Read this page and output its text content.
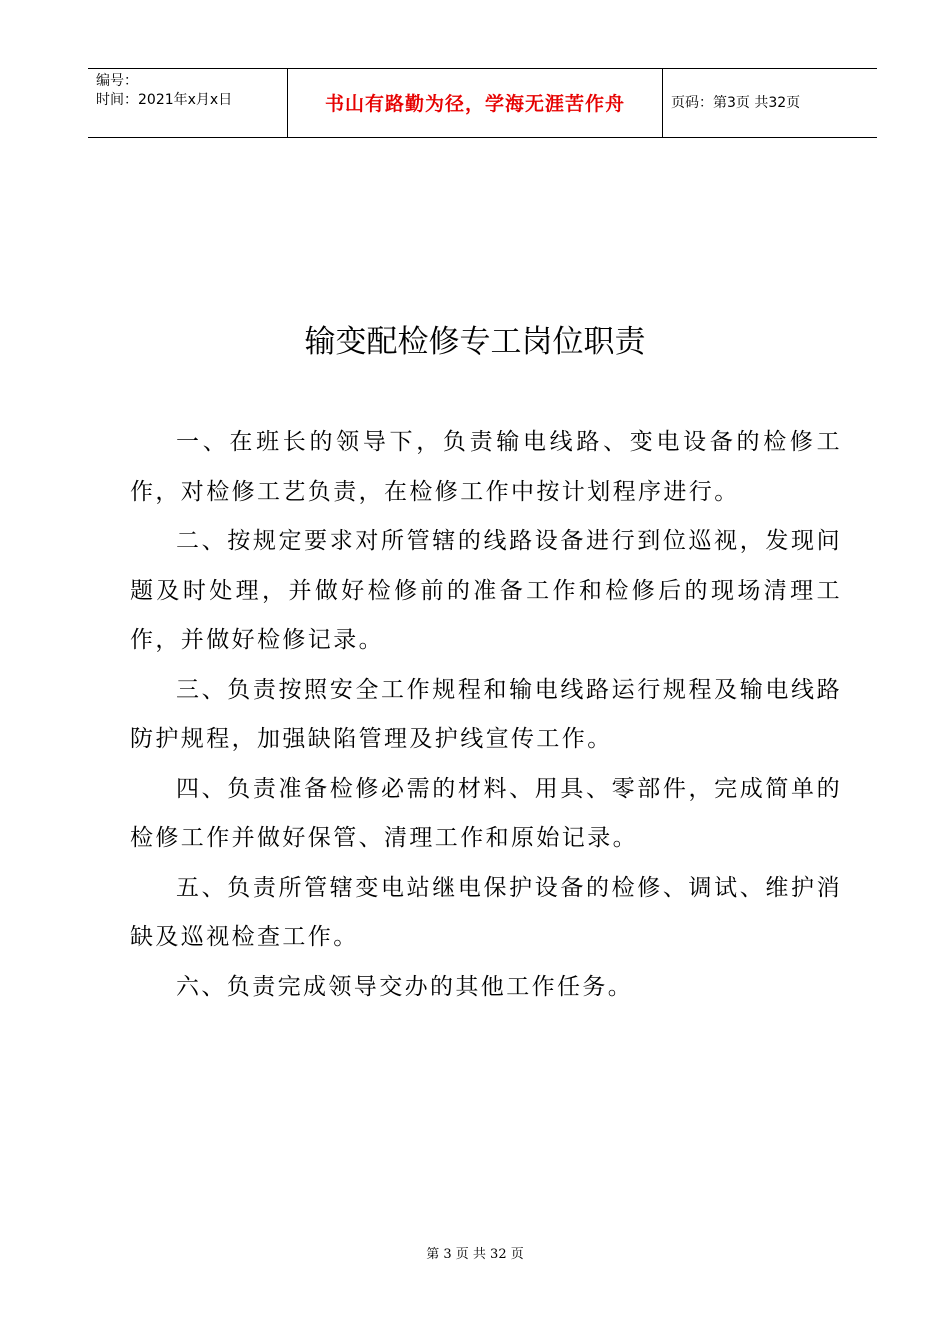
编号：
时间：2021年x月x日	书山有路勤为径，学海无涯苦作舟	页码：第3页 共32页
输变配检修专工岗位职责

一、在班长的领导下，负责输电线路、变电设备的检修工作，对检修工艺负责，在检修工作中按计划程序进行。

二、按规定要求对所管辖的线路设备进行到位巡视，发现问题及时处理，并做好检修前的准备工作和检修后的现场清理工作，并做好检修记录。

三、负责按照安全工作规程和输电线路运行规程及输电线路防护规程，加强缺陷管理及护线宣传工作。

四、负责准备检修必需的材料、用具、零部件，完成简单的检修工作并做好保管、清理工作和原始记录。

五、负责所管辖变电站继电保护设备的检修、调试、维护消缺及巡视检查工作。

六、负责完成领导交办的其他工作任务。

第 3 页 共 32 页
